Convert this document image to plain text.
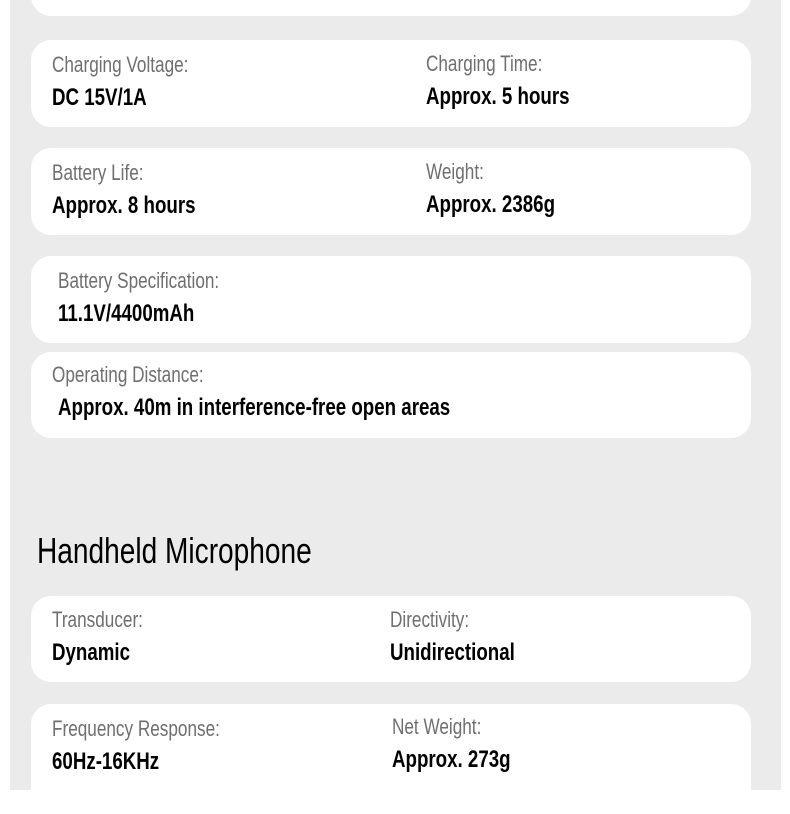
Charging Voltage:
DC 15V/1A
Charging Time:
Approx. 5 hours
Battery Life:
Approx. 8 hours
Weight:
Approx. 2386g
Battery Specification:
11.1V/4400mAh
Operating Distance:
Approx. 40m in interference-free open areas
Handheld Microphone
Transducer:
Dynamic
Directivity:
Unidirectional
Frequency Response:
60Hz-16KHz
Net Weight:
Approx. 273g
